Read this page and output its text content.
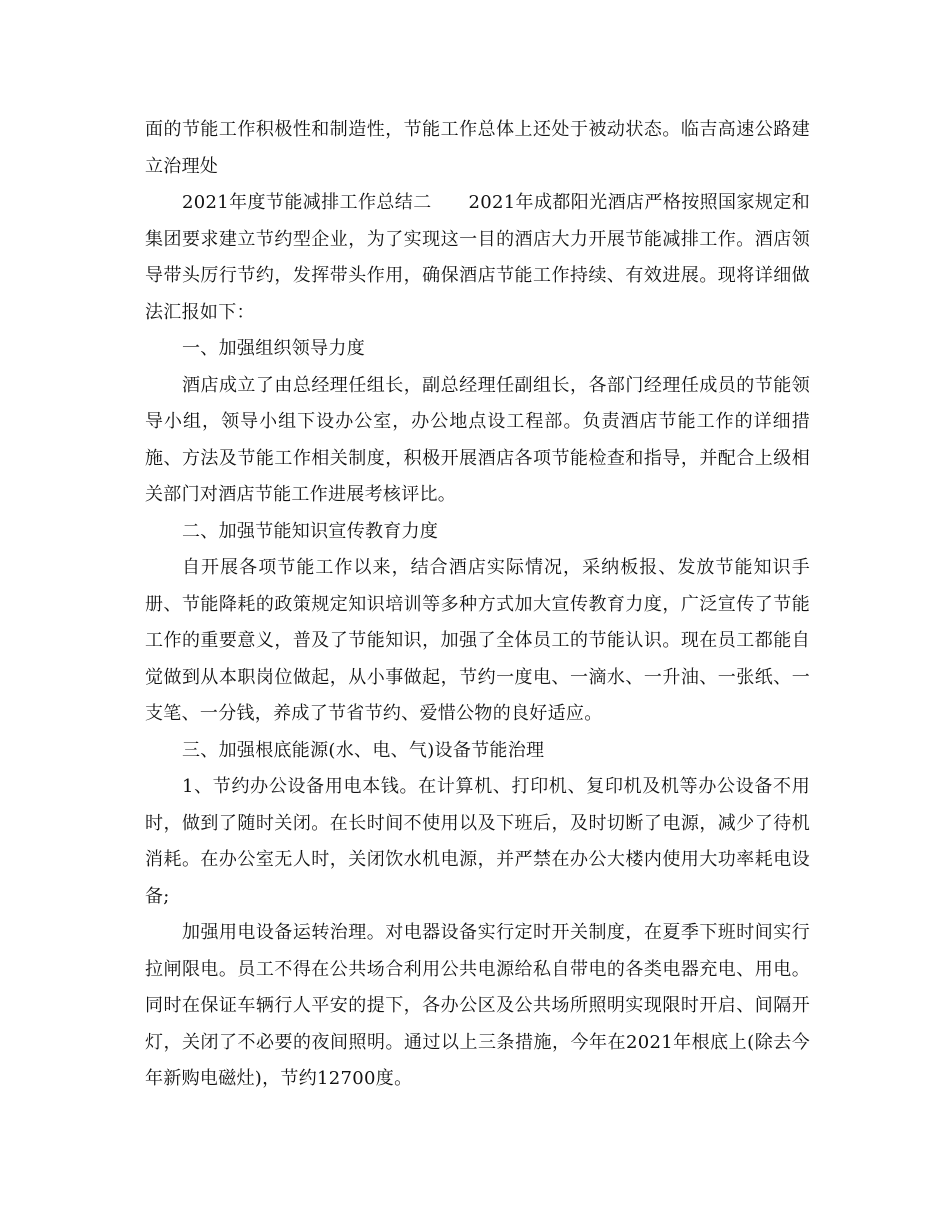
面的节能工作积极性和制造性，节能工作总体上还处于被动状态。临吉高速公路建立治理处

2021年度节能减排工作总结二　　2021年成都阳光酒店严格按照国家规定和集团要求建立节约型企业，为了实现这一目的酒店大力开展节能减排工作。酒店领导带头厉行节约，发挥带头作用，确保酒店节能工作持续、有效进展。现将详细做法汇报如下：

一、加强组织领导力度

酒店成立了由总经理任组长，副总经理任副组长，各部门经理任成员的节能领导小组，领导小组下设办公室，办公地点设工程部。负责酒店节能工作的详细措施、方法及节能工作相关制度，积极开展酒店各项节能检查和指导，并配合上级相关部门对酒店节能工作进展考核评比。

二、加强节能知识宣传教育力度

自开展各项节能工作以来，结合酒店实际情况，采纳板报、发放节能知识手册、节能降耗的政策规定知识培训等多种方式加大宣传教育力度，广泛宣传了节能工作的重要意义，普及了节能知识，加强了全体员工的节能认识。现在员工都能自觉做到从本职岗位做起，从小事做起，节约一度电、一滴水、一升油、一张纸、一支笔、一分钱，养成了节省节约、爱惜公物的良好适应。

三、加强根底能源(水、电、气)设备节能治理

1、节约办公设备用电本钱。在计算机、打印机、复印机及机等办公设备不用时，做到了随时关闭。在长时间不使用以及下班后，及时切断了电源，减少了待机消耗。在办公室无人时，关闭饮水机电源，并严禁在办公大楼内使用大功率耗电设备;

加强用电设备运转治理。对电器设备实行定时开关制度，在夏季下班时间实行拉闸限电。员工不得在公共场合利用公共电源给私自带电的各类电器充电、用电。同时在保证车辆行人平安的提下，各办公区及公共场所照明实现限时开启、间隔开灯，关闭了不必要的夜间照明。通过以上三条措施，今年在2021年根底上(除去今年新购电磁灶)，节约12700度。
